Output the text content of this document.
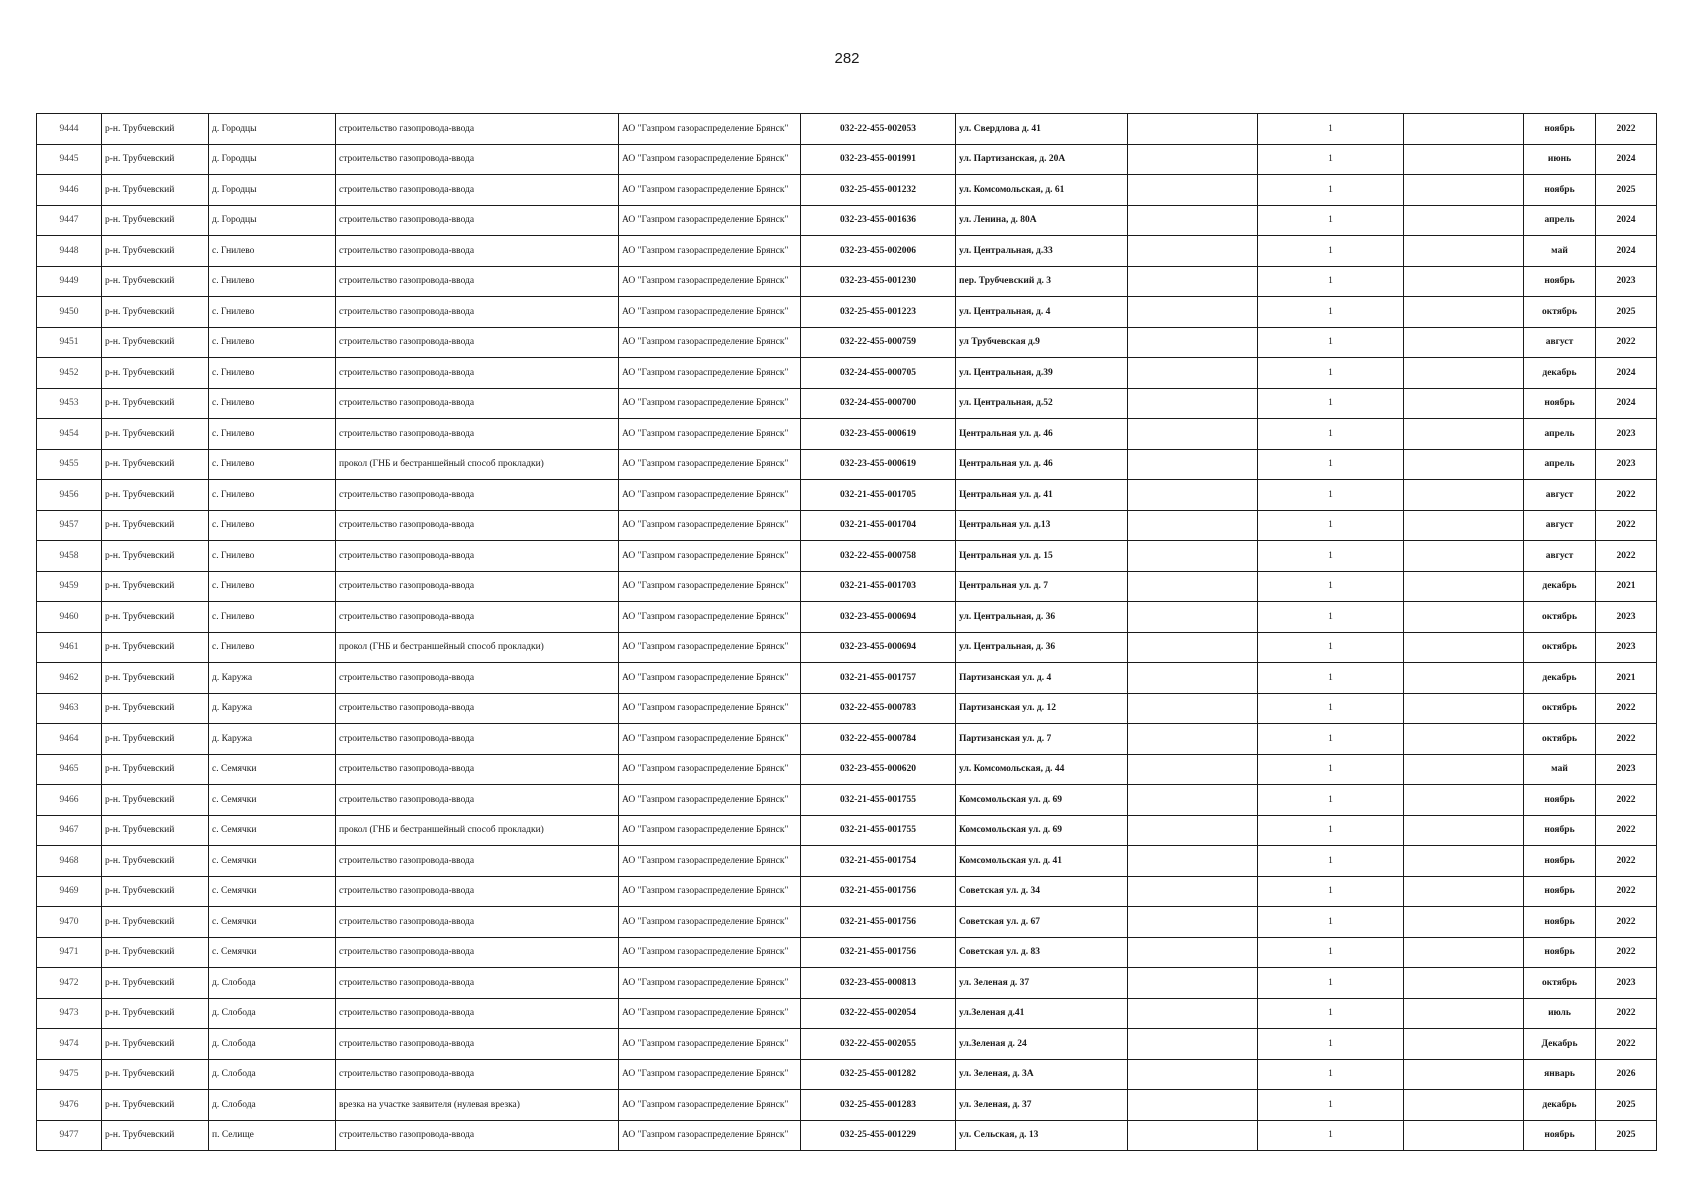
282
9444	р-н. Трубчевский	д. Городцы	строительство газопровода-ввода	АО "Газпром газораспределение Брянск"	032-22-455-002053	ул. Свердлова д. 41		1		ноябрь	2022
9445	р-н. Трубчевский	д. Городцы	строительство газопровода-ввода	АО "Газпром газораспределение Брянск"	032-23-455-001991	ул. Партизанская, д. 20А		1		июнь	2024
9446	р-н. Трубчевский	д. Городцы	строительство газопровода-ввода	АО "Газпром газораспределение Брянск"	032-25-455-001232	ул. Комсомольская, д. 61		1		ноябрь	2025
9447	р-н. Трубчевский	д. Городцы	строительство газопровода-ввода	АО "Газпром газораспределение Брянск"	032-23-455-001636	ул. Ленина, д. 80А		1		апрель	2024
9448	р-н. Трубчевский	с. Гнилево	строительство газопровода-ввода	АО "Газпром газораспределение Брянск"	032-23-455-002006	ул. Центральная, д.33		1		май	2024
9449	р-н. Трубчевский	с. Гнилево	строительство газопровода-ввода	АО "Газпром газораспределение Брянск"	032-23-455-001230	пер. Трубчевский д. 3		1		ноябрь	2023
9450	р-н. Трубчевский	с. Гнилево	строительство газопровода-ввода	АО "Газпром газораспределение Брянск"	032-25-455-001223	ул. Центральная, д. 4		1		октябрь	2025
9451	р-н. Трубчевский	с. Гнилево	строительство газопровода-ввода	АО "Газпром газораспределение Брянск"	032-22-455-000759	ул Трубчевская д.9		1		август	2022
9452	р-н. Трубчевский	с. Гнилево	строительство газопровода-ввода	АО "Газпром газораспределение Брянск"	032-24-455-000705	ул. Центральная, д.39		1		декабрь	2024
9453	р-н. Трубчевский	с. Гнилево	строительство газопровода-ввода	АО "Газпром газораспределение Брянск"	032-24-455-000700	ул. Центральная, д.52		1		ноябрь	2024
9454	р-н. Трубчевский	с. Гнилево	строительство газопровода-ввода	АО "Газпром газораспределение Брянск"	032-23-455-000619	Центральная ул. д. 46		1		апрель	2023
9455	р-н. Трубчевский	с. Гнилево	прокол (ГНБ и бестраншейный способ прокладки)	АО "Газпром газораспределение Брянск"	032-23-455-000619	Центральная ул. д. 46		1		апрель	2023
9456	р-н. Трубчевский	с. Гнилево	строительство газопровода-ввода	АО "Газпром газораспределение Брянск"	032-21-455-001705	Центральная ул. д. 41		1		август	2022
9457	р-н. Трубчевский	с. Гнилево	строительство газопровода-ввода	АО "Газпром газораспределение Брянск"	032-21-455-001704	Центральная ул. д.13		1		август	2022
9458	р-н. Трубчевский	с. Гнилево	строительство газопровода-ввода	АО "Газпром газораспределение Брянск"	032-22-455-000758	Центральная ул. д. 15		1		август	2022
9459	р-н. Трубчевский	с. Гнилево	строительство газопровода-ввода	АО "Газпром газораспределение Брянск"	032-21-455-001703	Центральная ул. д. 7		1		декабрь	2021
9460	р-н. Трубчевский	с. Гнилево	строительство газопровода-ввода	АО "Газпром газораспределение Брянск"	032-23-455-000694	ул. Центральная, д. 36		1		октябрь	2023
9461	р-н. Трубчевский	с. Гнилево	прокол (ГНБ и бестраншейный способ прокладки)	АО "Газпром газораспределение Брянск"	032-23-455-000694	ул. Центральная, д. 36		1		октябрь	2023
9462	р-н. Трубчевский	д. Каружа	строительство газопровода-ввода	АО "Газпром газораспределение Брянск"	032-21-455-001757	Партизанская ул. д. 4		1		декабрь	2021
9463	р-н. Трубчевский	д. Каружа	строительство газопровода-ввода	АО "Газпром газораспределение Брянск"	032-22-455-000783	Партизанская ул. д. 12		1		октябрь	2022
9464	р-н. Трубчевский	д. Каружа	строительство газопровода-ввода	АО "Газпром газораспределение Брянск"	032-22-455-000784	Партизанская ул. д. 7		1		октябрь	2022
9465	р-н. Трубчевский	с. Семячки	строительство газопровода-ввода	АО "Газпром газораспределение Брянск"	032-23-455-000620	ул. Комсомольская, д. 44		1		май	2023
9466	р-н. Трубчевский	с. Семячки	строительство газопровода-ввода	АО "Газпром газораспределение Брянск"	032-21-455-001755	Комсомольская ул. д. 69		1		ноябрь	2022
9467	р-н. Трубчевский	с. Семячки	прокол (ГНБ и бестраншейный способ прокладки)	АО "Газпром газораспределение Брянск"	032-21-455-001755	Комсомольская ул. д. 69		1		ноябрь	2022
9468	р-н. Трубчевский	с. Семячки	строительство газопровода-ввода	АО "Газпром газораспределение Брянск"	032-21-455-001754	Комсомольская ул. д. 41		1		ноябрь	2022
9469	р-н. Трубчевский	с. Семячки	строительство газопровода-ввода	АО "Газпром газораспределение Брянск"	032-21-455-001756	Советская ул. д. 34		1		ноябрь	2022
9470	р-н. Трубчевский	с. Семячки	строительство газопровода-ввода	АО "Газпром газораспределение Брянск"	032-21-455-001756	Советская ул. д. 67		1		ноябрь	2022
9471	р-н. Трубчевский	с. Семячки	строительство газопровода-ввода	АО "Газпром газораспределение Брянск"	032-21-455-001756	Советская ул. д. 83		1		ноябрь	2022
9472	р-н. Трубчевский	д. Слобода	строительство газопровода-ввода	АО "Газпром газораспределение Брянск"	032-23-455-000813	ул. Зеленая д. 37		1		октябрь	2023
9473	р-н. Трубчевский	д. Слобода	строительство газопровода-ввода	АО "Газпром газораспределение Брянск"	032-22-455-002054	ул.Зеленая д.41		1		июль	2022
9474	р-н. Трубчевский	д. Слобода	строительство газопровода-ввода	АО "Газпром газораспределение Брянск"	032-22-455-002055	ул.Зеленая д. 24		1		Декабрь	2022
9475	р-н. Трубчевский	д. Слобода	строительство газопровода-ввода	АО "Газпром газораспределение Брянск"	032-25-455-001282	ул. Зеленая, д. 3А		1		январь	2026
9476	р-н. Трубчевский	д. Слобода	врезка на участке заявителя (нулевая врезка)	АО "Газпром газораспределение Брянск"	032-25-455-001283	ул. Зеленая, д. 37		1		декабрь	2025
9477	р-н. Трубчевский	п. Селище	строительство газопровода-ввода	АО "Газпром газораспределение Брянск"	032-25-455-001229	ул. Сельская, д. 13		1		ноябрь	2025
